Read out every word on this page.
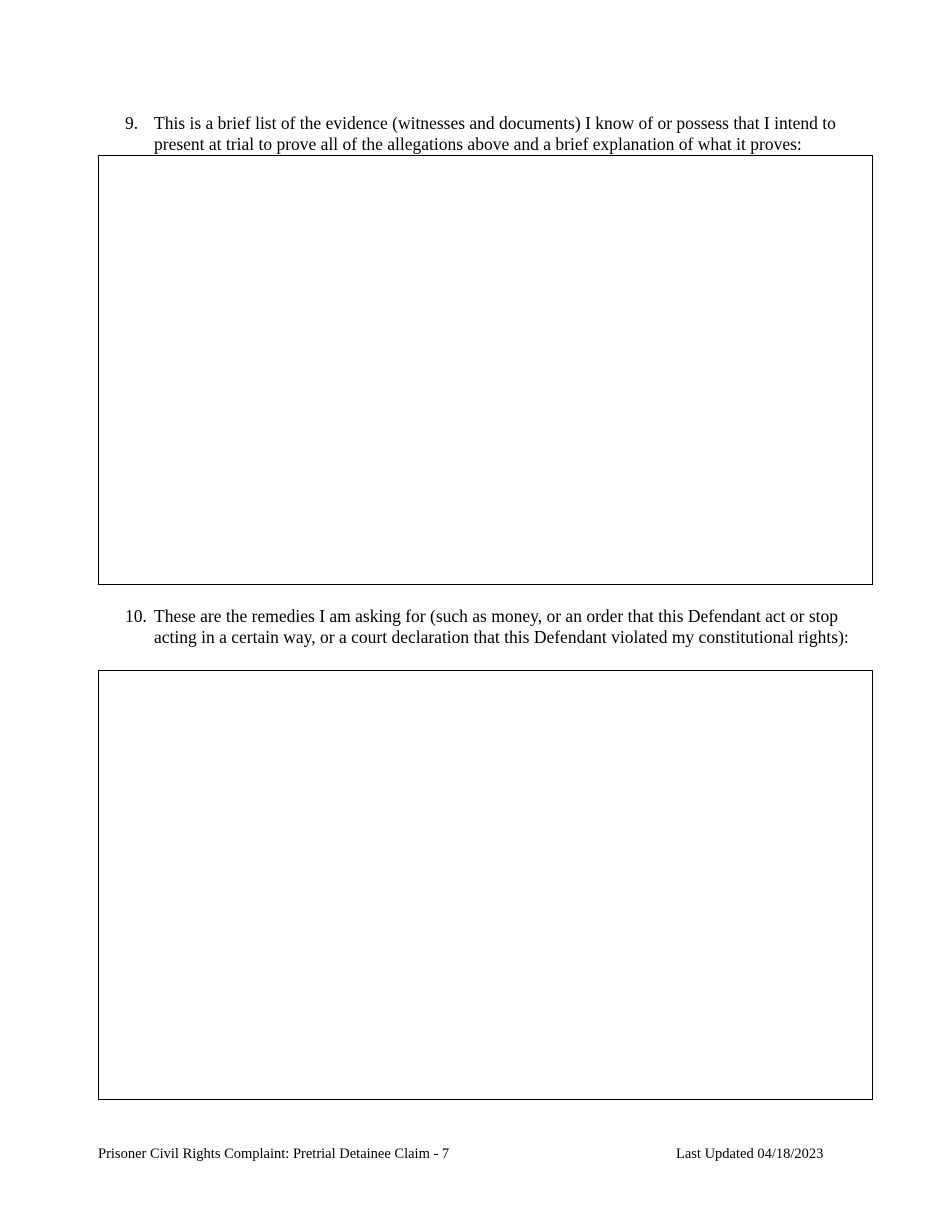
9. This is a brief list of the evidence (witnesses and documents) I know of or possess that I intend to present at trial to prove all of the allegations above and a brief explanation of what it proves:
10. These are the remedies I am asking for (such as money, or an order that this Defendant act or stop acting in a certain way, or a court declaration that this Defendant violated my constitutional rights):
Prisoner Civil Rights Complaint: Pretrial Detainee Claim - 7	Last Updated 04/18/2023
